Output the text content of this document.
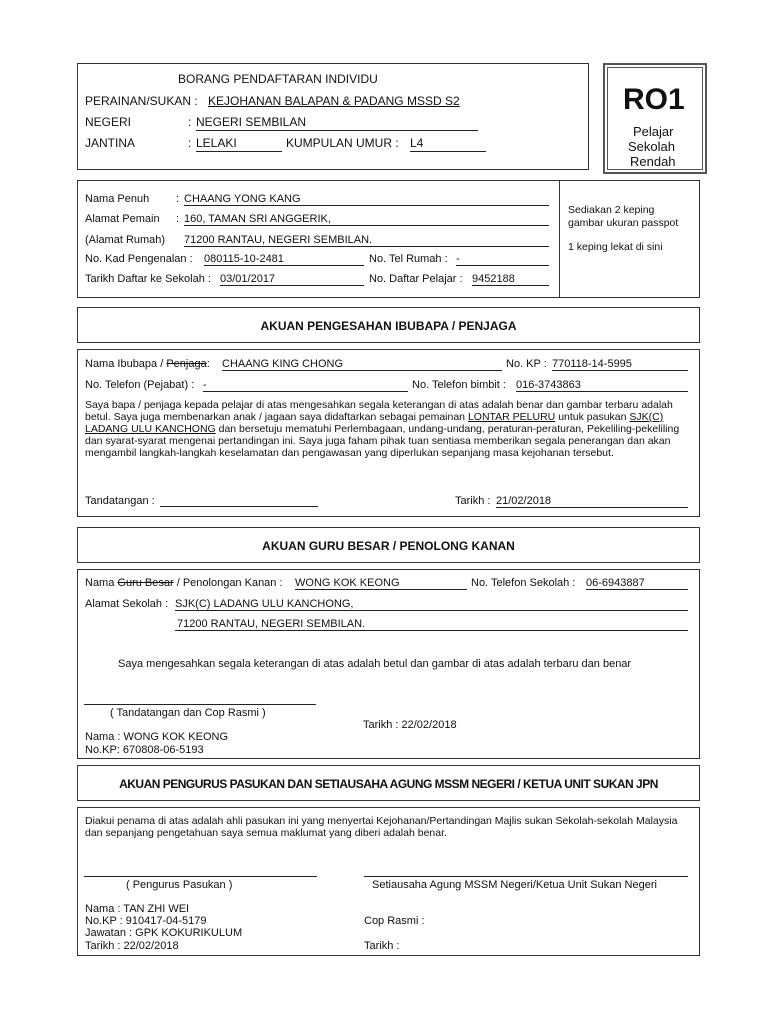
BORANG PENDAFTARAN INDIVIDU
PERAINAN/SUKAN : KEJOHANAN BALAPAN & PADANG MSSD S2
NEGERI	: NEGERI SEMBILAN
JANTINA	: LELAKI	KUMPULAN UMUR : L4
RO1
Pelajar
Sekolah
Rendah
Nama Penuh : CHAANG YONG KANG
Alamat Pemain : 160, TAMAN SRI ANGGERIK,
(Alamat Rumah) 71200 RANTAU, NEGERI SEMBILAN.
No. Kad Pengenalan : 080115-10-2481	No. Tel Rumah : -
Tarikh Daftar ke Sekolah : 03/01/2017	No. Daftar Pelajar : 9452188
Sediakan 2 keping
gambar ukuran passpot
1 keping lekat di sini
AKUAN PENGESAHAN IBUBAPA / PENJAGA
Nama Ibubapa / Penjaga: CHAANG KING CHONG	No. KP : 770118-14-5995
No. Telefon (Pejabat) : -	No. Telefon bimbit : 016-3743863
Saya bapa / penjaga kepada pelajar di atas mengesahkan segala keterangan di atas adalah benar dan gambar terbaru adalah betul. Saya juga membenarkan anak / jagaan saya didaftarkan sebagai pemainan LONTAR PELURU untuk pasukan SJK(C) LADANG ULU KANCHONG dan bersetuju mematuhi Perlembagaan, undang-undang, peraturan-peraturan, Pekeliling-pekeliling dan syarat-syarat mengenai pertandingan ini. Saya juga faham pihak tuan sentiasa memberikan segala penerangan dan akan mengambil langkah-langkah keselamatan dan pengawasan yang diperlukan sepanjang masa kejohanan tersebut.
Tandatangan :	Tarikh : 21/02/2018
AKUAN GURU BESAR / PENOLONG KANAN
Nama Guru Besar / Penolongan Kanan : WONG KOK KEONG	No. Telefon Sekolah : 06-6943887
Alamat Sekolah : SJK(C) LADANG ULU KANCHONG,
71200 RANTAU, NEGERI SEMBILAN.
Saya mengesahkan segala keterangan di atas adalah betul dan gambar di atas adalah terbaru dan benar
( Tandatangan dan Cop Rasmi )
Tarikh : 22/02/2018
Nama : WONG KOK KEONG
No.KP: 670808-06-5193
AKUAN PENGURUS PASUKAN DAN SETIAUSAHA AGUNG MSSM NEGERI / KETUA UNIT SUKAN JPN
Diakui penama di atas adalah ahli pasukan ini yang menyertai Kejohanan/Pertandingan Majlis sukan Sekolah-sekolah Malaysia dan sepanjang pengetahuan saya semua maklumat yang diberi adalah benar.
( Pengurus Pasukan )	Setiausaha Agung MSSM Negeri/Ketua Unit Sukan Negeri
Nama : TAN ZHI WEI
No.KP : 910417-04-5179
Jawatan : GPK KOKURIKULUM
Tarikh : 22/02/2018
Cop Rasmi :
Tarikh :
